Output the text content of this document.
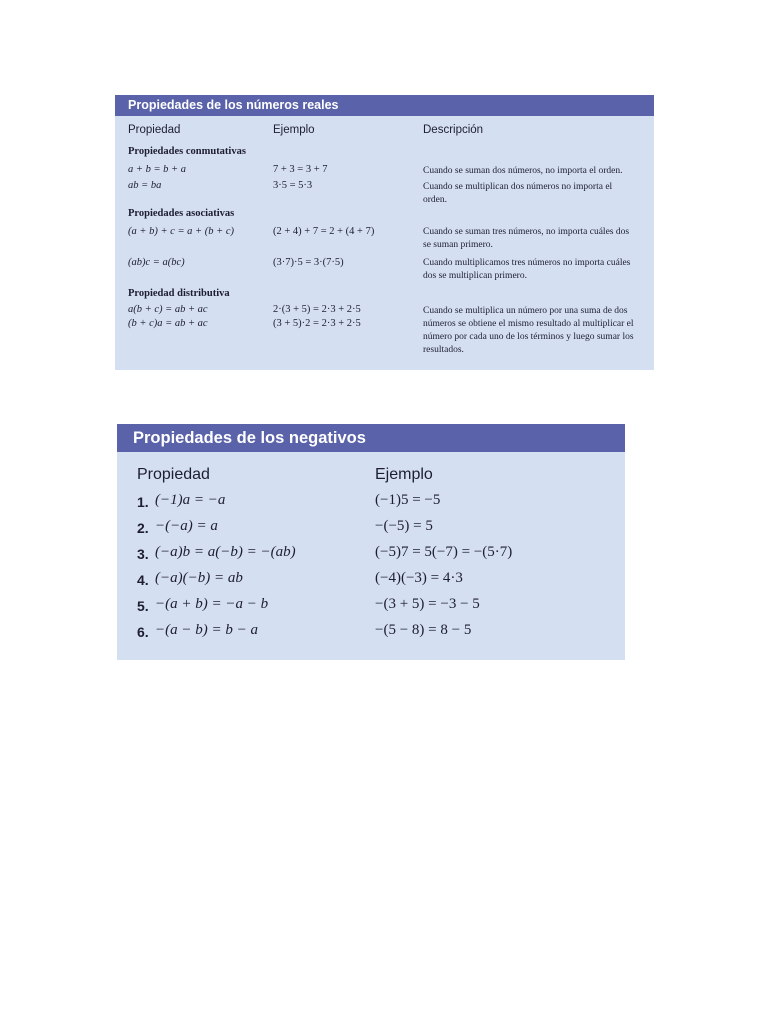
Propiedades de los números reales
Propiedad	Ejemplo	Descripción
Propiedades conmutativas
a + b = b + a	7 + 3 = 3 + 7	Cuando se suman dos números, no importa el orden.
ab = ba	3·5 = 5·3	Cuando se multiplican dos números no importa el orden.
Propiedades asociativas
(a + b) + c = a + (b + c)	(2 + 4) + 7 = 2 + (4 + 7)	Cuando se suman tres números, no importa cuáles dos se suman primero.
(ab)c = a(bc)	(3·7)·5 = 3·(7·5)	Cuando multiplicamos tres números no importa cuáles dos se multiplican primero.
Propiedad distributiva
a(b + c) = ab + ac	2·(3 + 5) = 2·3 + 2·5	Cuando se multiplica un número por una suma de dos números se obtiene el mismo resultado al multiplicar el número por cada uno de los términos y luego sumar los resultados.
(b + c)a = ab + ac	(3 + 5)·2 = 2·3 + 2·5
Propiedades de los negativos
Propiedad	Ejemplo
1. (−1)a = −a	(−1)5 = −5
2. −(−a) = a	−(−5) = 5
3. (−a)b = a(−b) = −(ab)	(−5)7 = 5(−7) = −(5·7)
4. (−a)(−b) = ab	(−4)(−3) = 4·3
5. −(a + b) = −a − b	−(3 + 5) = −3 − 5
6. −(a − b) = b − a	−(5 − 8) = 8 − 5
